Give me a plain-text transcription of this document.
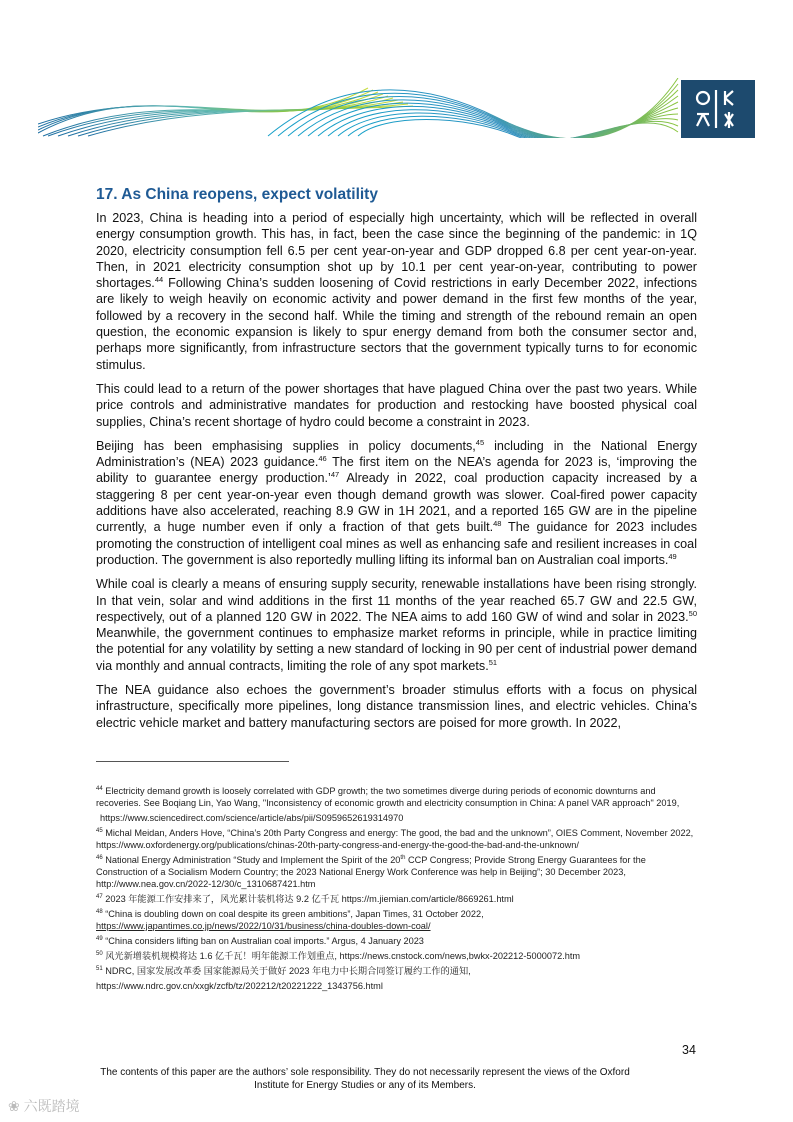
17. As China reopens, expect volatility

In 2023, China is heading into a period of especially high uncertainty, which will be reflected in overall energy consumption growth. This has, in fact, been the case since the beginning of the pandemic: in 1Q 2020, electricity consumption fell 6.5 per cent year-on-year and GDP dropped 6.8 per cent year-on-year. Then, in 2021 electricity consumption shot up by 10.1 per cent year-on-year, contributing to power shortages.$^{44}$ Following China’s sudden loosening of Covid restrictions in early December 2022, infections are likely to weigh heavily on economic activity and power demand in the first few months of the year, followed by a recovery in the second half. While the timing and strength of the rebound remain an open question, the economic expansion is likely to spur energy demand from both the consumer sector and, perhaps more significantly, from infrastructure sectors that the government typically turns to for economic stimulus.

This could lead to a return of the power shortages that have plagued China over the past two years. While price controls and administrative mandates for production and restocking have boosted physical coal supplies, China’s recent shortage of hydro could become a constraint in 2023.

Beijing has been emphasising supplies in policy documents,$^{45}$ including in the National Energy Administration’s (NEA) 2023 guidance.$^{46}$ The first item on the NEA’s agenda for 2023 is, ‘improving the ability to guarantee energy production.’$^{47}$ Already in 2022, coal production capacity increased by a staggering 8 per cent year-on-year even though demand growth was slower. Coal-fired power capacity additions have also accelerated, reaching 8.9 GW in 1H 2021, and a reported 165 GW are in the pipeline currently, a huge number even if only a fraction of that gets built.$^{48}$ The guidance for 2023 includes promoting the construction of intelligent coal mines as well as enhancing safe and resilient increases in coal production. The government is also reportedly mulling lifting its informal ban on Australian coal imports.$^{49}$

While coal is clearly a means of ensuring supply security, renewable installations have been rising strongly. In that vein, solar and wind additions in the first 11 months of the year reached 65.7 GW and 22.5 GW, respectively, out of a planned 120 GW in 2022. The NEA aims to add 160 GW of wind and solar in 2023.50 Meanwhile, the government continues to emphasize market reforms in principle, while in practice limiting the potential for any volatility by setting a new standard of locking in 90 per cent of industrial power demand via monthly and annual contracts, limiting the role of any spot markets.$^{51}$

The NEA guidance also echoes the government’s broader stimulus efforts with a focus on physical infrastructure, specifically more pipelines, long distance transmission lines, and electric vehicles. China’s electric vehicle market and battery manufacturing sectors are poised for more growth. In 2022,

$^{44}$ Electricity demand growth is loosely correlated with GDP growth; the two sometimes diverge during periods of economic downturns and recoveries. See Boqiang Lin, Yao Wang, "Inconsistency of economic growth and electricity consumption in China: A panel VAR approach" 2019,
https://www.sciencedirect.com/science/article/abs/pii/S0959652619314970
$^{45}$ Michal Meidan, Anders Hove, “China’s 20th Party Congress and energy: The good, the bad and the unknown”, OIES Comment, November 2022, https://www.oxfordenergy.org/publications/chinas-20th-party-congress-and-energy-the-good-the-bad-and-the-unknown/
$^{46}$ National Energy Administration “Study and Implement the Spirit of the 20th CCP Congress; Provide Strong Energy Guarantees for the Construction of a Socialism Modern Country; the 2023 National Energy Work Conference was help in Beijing”; 30 December 2023, http://www.nea.gov.cn/2022-12/30/c_1310687421.htm
$^{47}$ 2023 年能源工作安排来了，风光累计装机将达 9.2 亿千瓦 https://m.jiemian.com/article/8669261.html
$^{48}$ “China is doubling down on coal despite its green ambitions”, Japan Times, 31 October 2022,
https://www.japantimes.co.jp/news/2022/10/31/business/china-doubles-down-coal/
$^{49}$ “China considers lifting ban on Australian coal imports.” Argus, 4 January 2023
$^{50}$ 风光新增装机规模将达 1.6 亿千瓦！明年能源工作划重点, https://news.cnstock.com/news,bwkx-202212-5000072.htm
$^{51}$ NDRC, 国家发展改革委 国家能源局关于做好 2023 年电力中长期合同签订履约工作的通知,
https://www.ndrc.gov.cn/xxgk/zcfb/tz/202212/t20221222_1343756.html
34
The contents of this paper are the authors’ sole responsibility. They do not necessarily represent the views of the Oxford Institute for Energy Studies or any of its Members.
❀ 六既踏境
